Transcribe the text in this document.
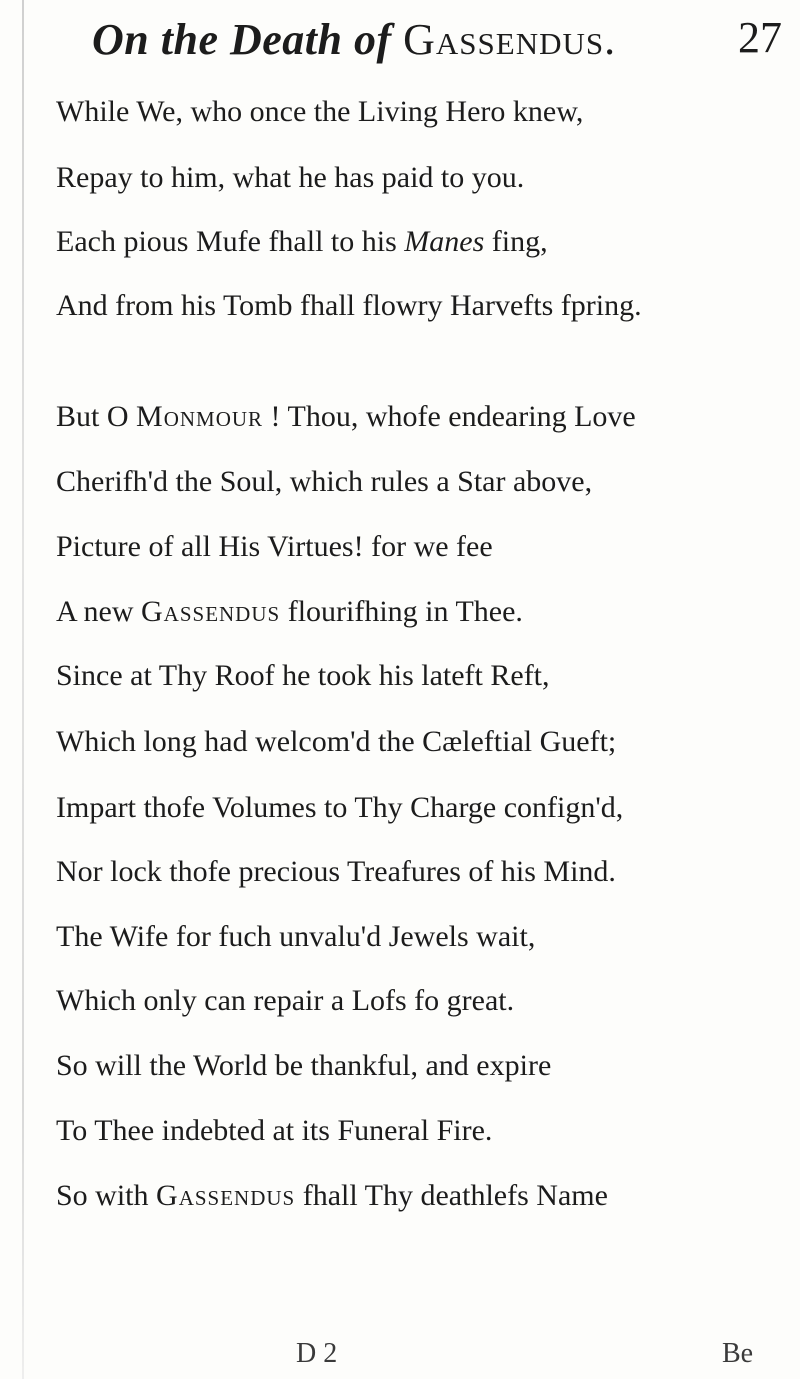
On the Death of Gassendus.	27
While We, who once the Living Hero knew,
Repay to him, what he has paid to you.
Each pious Mufe fhall to his Manes fing,
And from his Tomb fhall flowry Harvefts fpring.
But O Monmour ! Thou, whofe endearing Love
Cherifh'd the Soul, which rules a Star above,
Picture of all His Virtues! for we fee
A new Gassendus flourifhing in Thee.
Since at Thy Roof he took his lateft Reft,
Which long had welcom'd the Cæleftial Gueft;
Impart thofe Volumes to Thy Charge confign'd,
Nor lock thofe precious Treafures of his Mind.
The Wife for fuch unvalu'd Jewels wait,
Which only can repair a Lofs fo great.
So will the World be thankful, and expire
To Thee indebted at its Funeral Fire.
So with Gassendus fhall Thy deathlefs Name
D 2	Be
